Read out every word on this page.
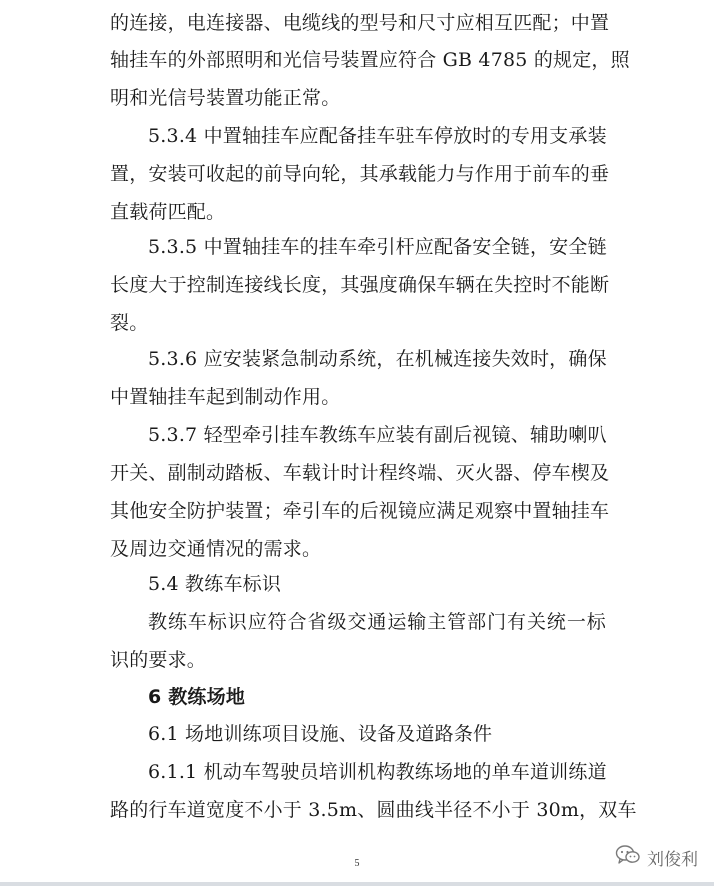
的连接，电连接器、电缆线的型号和尺寸应相互匹配；中置
轴挂车的外部照明和光信号装置应符合 GB 4785 的规定，照
明和光信号装置功能正常。
5.3.4 中置轴挂车应配备挂车驻车停放时的专用支承装
置，安装可收起的前导向轮，其承载能力与作用于前车的垂
直载荷匹配。
5.3.5 中置轴挂车的挂车牵引杆应配备安全链，安全链
长度大于控制连接线长度，其强度确保车辆在失控时不能断
裂。
5.3.6 应安装紧急制动系统，在机械连接失效时，确保
中置轴挂车起到制动作用。
5.3.7 轻型牵引挂车教练车应装有副后视镜、辅助喇叭
开关、副制动踏板、车载计时计程终端、灭火器、停车楔及
其他安全防护装置；牵引车的后视镜应满足观察中置轴挂车
及周边交通情况的需求。
5.4 教练车标识
教练车标识应符合省级交通运输主管部门有关统一标
识的要求。
6 教练场地
6.1 场地训练项目设施、设备及道路条件
6.1.1 机动车驾驶员培训机构教练场地的单车道训练道
路的行车道宽度不小于 3.5m、圆曲线半径不小于 30m，双车
5	刘俊利
